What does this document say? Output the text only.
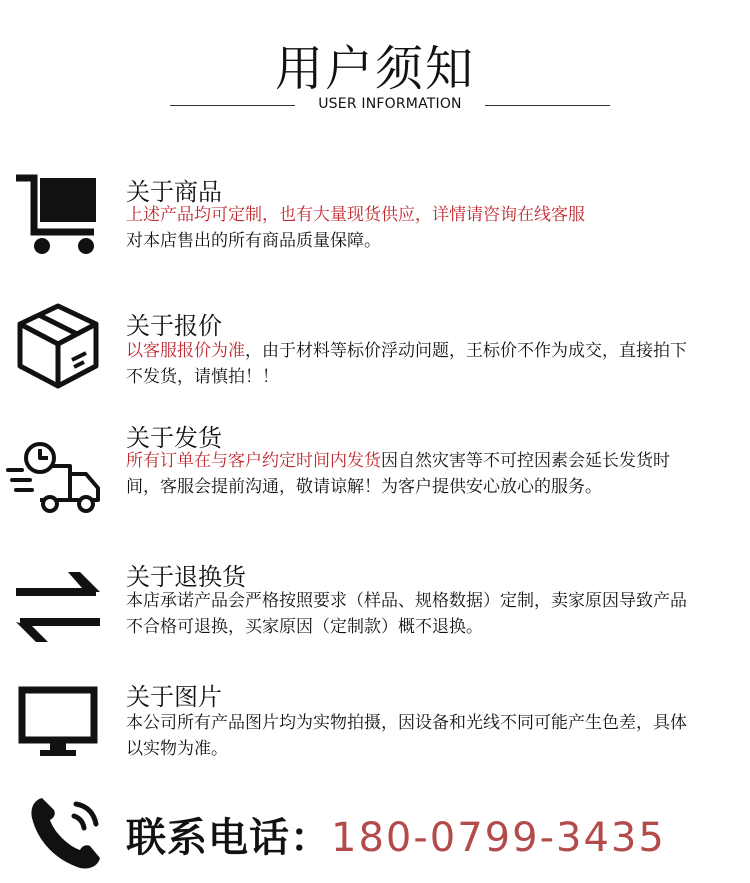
用户须知
USER INFORMATION
关于商品
上述产品均可定制，也有大量现货供应，详情请咨询在线客服
对本店售出的所有商品质量保障。
关于报价
以客服报价为准，由于材料等标价浮动问题，王标价不作为成交，直接拍下不发货，请慎拍！！
关于发货
所有订单在与客户约定时间内发货因自然灾害等不可控因素会延长发货时间，客服会提前沟通，敬请谅解！为客户提供安心放心的服务。
关于退换货
本店承诺产品会严格按照要求（样品、规格数据）定制，卖家原因导致产品不合格可退换，买家原因（定制款）概不退换。
关于图片
本公司所有产品图片均为实物拍摄，因设备和光线不同可能产生色差，具体以实物为准。
联系电话：180-0799-3435
